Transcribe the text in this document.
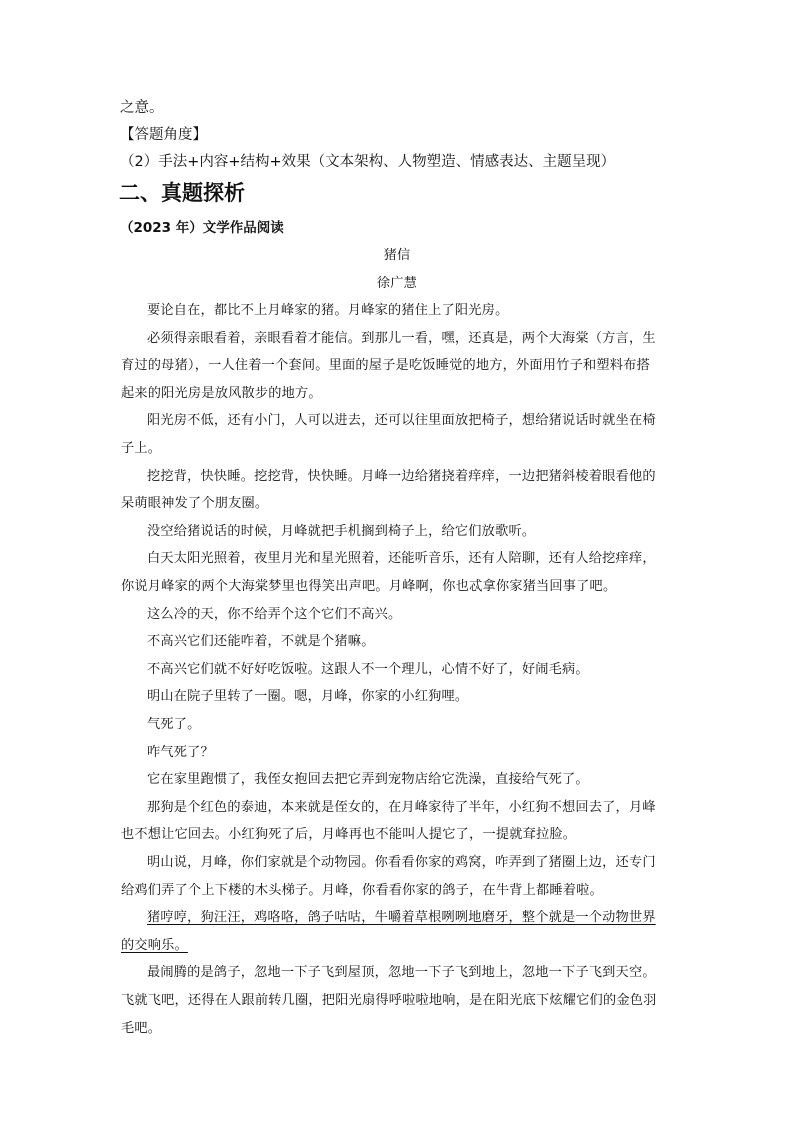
之意。
【答题角度】
（2）手法+内容+结构+效果（文本架构、人物塑造、情感表达、主题呈现）
二、真题探析
（2023 年）文学作品阅读
猪信
徐广慧
要论自在，都比不上月峰家的猪。月峰家的猪住上了阳光房。
必须得亲眼看着，亲眼看着才能信。到那儿一看，嘿，还真是，两个大海棠（方言，生
育过的母猪），一人住着一个套间。里面的屋子是吃饭睡觉的地方，外面用竹子和塑料布搭
起来的阳光房是放风散步的地方。
阳光房不低，还有小门，人可以进去，还可以往里面放把椅子，想给猪说话时就坐在椅
子上。
挖挖背，快快睡。挖挖背，快快睡。月峰一边给猪挠着痒痒，一边把猪斜棱着眼看他的
呆萌眼神发了个朋友圈。
没空给猪说话的时候，月峰就把手机搁到椅子上，给它们放歌听。
白天太阳光照着，夜里月光和星光照着，还能听音乐，还有人陪聊，还有人给挖痒痒，
你说月峰家的两个大海棠梦里也得笑出声吧。月峰啊，你也忒拿你家猪当回事了吧。
这么冷的天，你不给弄个这个它们不高兴。
不高兴它们还能咋着，不就是个猪嘛。
不高兴它们就不好好吃饭啦。这跟人不一个理儿，心情不好了，好闹毛病。
明山在院子里转了一圈。嗯，月峰，你家的小红狗哩。
气死了。
咋气死了？
它在家里跑惯了，我侄女抱回去把它弄到宠物店给它洗澡，直接给气死了。
那狗是个红色的泰迪，本来就是侄女的，在月峰家待了半年，小红狗不想回去了，月峰
也不想让它回去。小红狗死了后，月峰再也不能叫人提它了，一提就耷拉脸。
明山说，月峰，你们家就是个动物园。你看看你家的鸡窝，咋弄到了猪圈上边，还专门
给鸡们弄了个上下楼的木头梯子。月峰，你看看你家的鸽子，在牛背上都睡着啦。
猪哼哼，狗汪汪，鸡咯咯，鸽子咕咕，牛嚼着草根咧咧地磨牙，整个就是一个动物世界
的交响乐。
最闹腾的是鸽子，忽地一下子飞到屋顶，忽地一下子飞到地上，忽地一下子飞到天空。
飞就飞吧，还得在人跟前转几圈，把阳光扇得呼啦啦地响，是在阳光底下炫耀它们的金色羽
毛吧。
